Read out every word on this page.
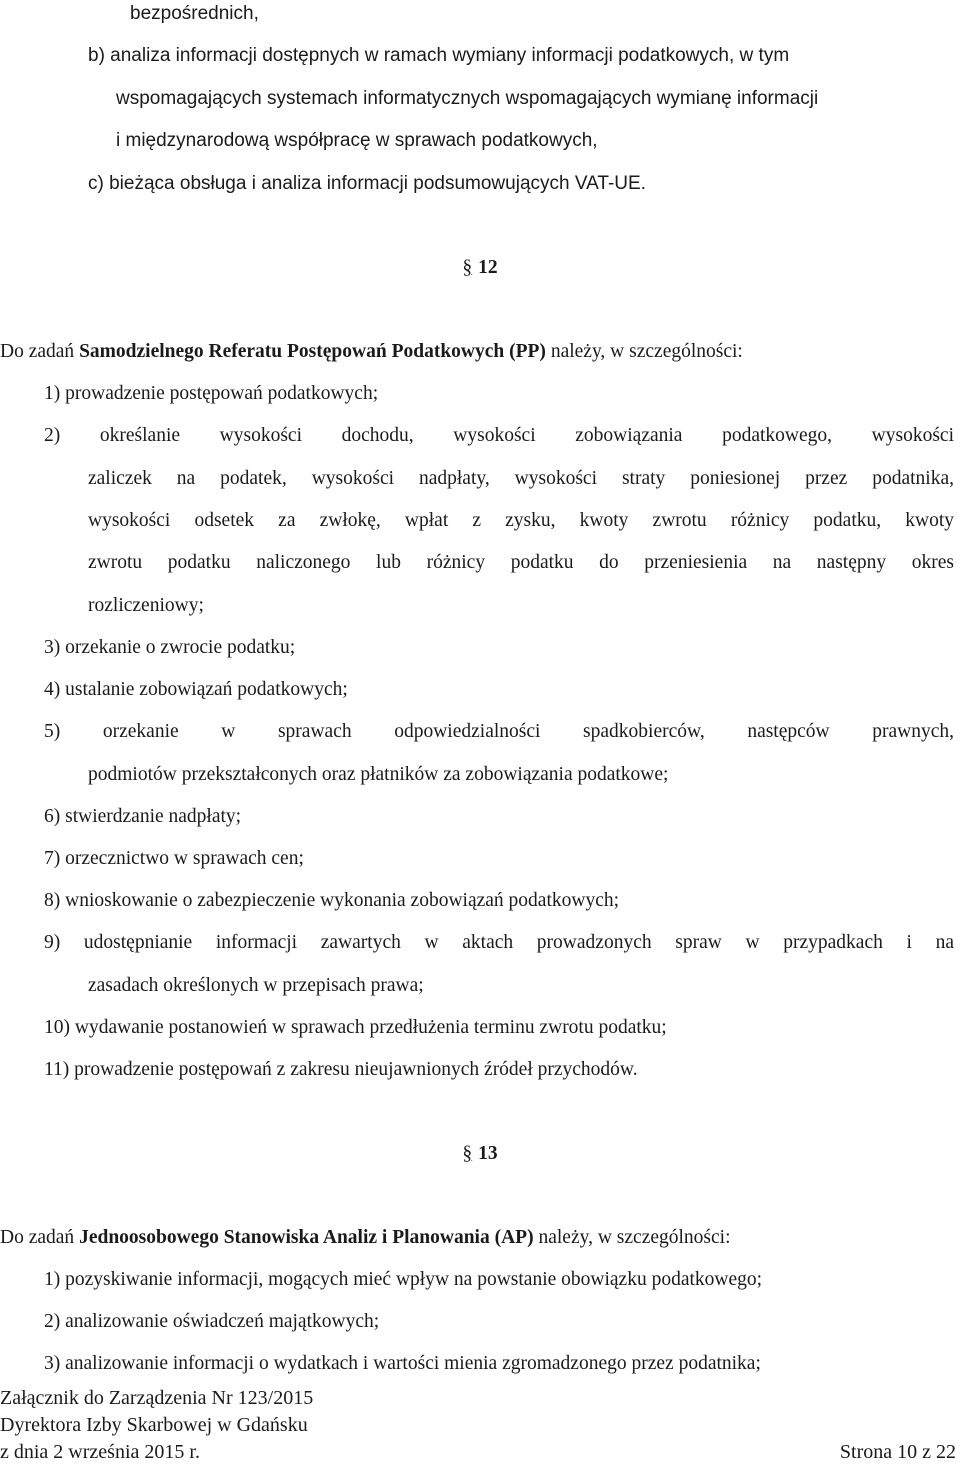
bezpośrednich,
b) analiza informacji dostępnych w ramach wymiany informacji podatkowych, w tym
wspomagających systemach informatycznych wspomagających wymianę informacji
i międzynarodową współpracę w sprawach podatkowych,
c) bieżąca obsługa i analiza informacji podsumowujących VAT-UE.
§ 12
Do zadań Samodzielnego Referatu Postępowań Podatkowych (PP) należy, w szczególności:
1) prowadzenie postępowań podatkowych;
2) określanie wysokości dochodu, wysokości zobowiązania podatkowego, wysokości
zaliczek na podatek, wysokości nadpłaty, wysokości straty poniesionej przez podatnika,
wysokości odsetek za zwłokę, wpłat z zysku, kwoty zwrotu różnicy podatku, kwoty
zwrotu podatku naliczonego lub różnicy podatku do przeniesienia na następny okres
rozliczeniowy;
3) orzekanie o zwrocie podatku;
4) ustalanie zobowiązań podatkowych;
5) orzekanie w sprawach odpowiedzialności spadkobierców, następców prawnych,
podmiotów przekształconych oraz płatników za zobowiązania podatkowe;
6) stwierdzanie nadpłaty;
7) orzecznictwo w sprawach cen;
8) wnioskowanie o zabezpieczenie wykonania zobowiązań podatkowych;
9) udostępnianie informacji zawartych w aktach prowadzonych spraw w przypadkach i na
zasadach określonych w przepisach prawa;
10) wydawanie postanowień w sprawach przedłużenia terminu zwrotu podatku;
11) prowadzenie postępowań z zakresu nieujawnionych źródeł przychodów.
§ 13
Do zadań Jednoosobowego Stanowiska Analiz i Planowania (AP) należy, w szczególności:
1) pozyskiwanie informacji, mogących mieć wpływ na powstanie obowiązku podatkowego;
2) analizowanie oświadczeń majątkowych;
3) analizowanie informacji o wydatkach i wartości mienia zgromadzonego przez podatnika;
Załącznik do Zarządzenia Nr 123/2015
Dyrektora Izby Skarbowej w Gdańsku
z dnia 2 września 2015 r.	Strona 10 z 22
